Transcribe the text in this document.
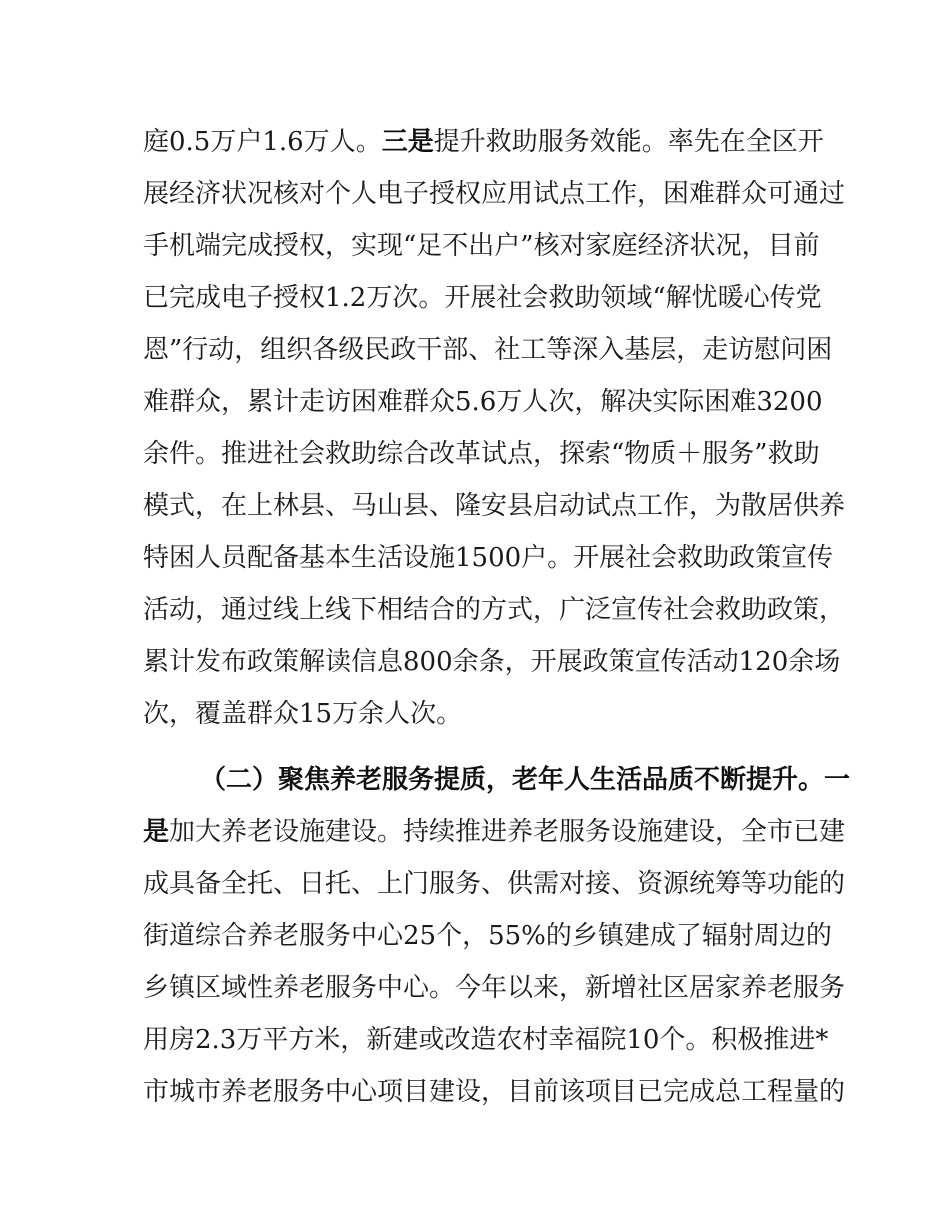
庭0.5万户1.6万人。三是提升救助服务效能。率先在全区开
展经济状况核对个人电子授权应用试点工作，困难群众可通过
手机端完成授权，实现“足不出户”核对家庭经济状况，目前
已完成电子授权1.2万次。开展社会救助领域“解忧暖心传党
恩”行动，组织各级民政干部、社工等深入基层，走访慰问困
难群众，累计走访困难群众5.6万人次，解决实际困难3200
余件。推进社会救助综合改革试点，探索“物质＋服务”救助
模式，在上林县、马山县、隆安县启动试点工作，为散居供养
特困人员配备基本生活设施1500户。开展社会救助政策宣传
活动，通过线上线下相结合的方式，广泛宣传社会救助政策，
累计发布政策解读信息800余条，开展政策宣传活动120余场
次，覆盖群众15万余人次。
（二）聚焦养老服务提质，老年人生活品质不断提升。一
是加大养老设施建设。持续推进养老服务设施建设，全市已建
成具备全托、日托、上门服务、供需对接、资源统筹等功能的
街道综合养老服务中心25个，55%的乡镇建成了辐射周边的
乡镇区域性养老服务中心。今年以来，新增社区居家养老服务
用房2.3万平方米，新建或改造农村幸福院10个。积极推进*
市城市养老服务中心项目建设，目前该项目已完成总工程量的
